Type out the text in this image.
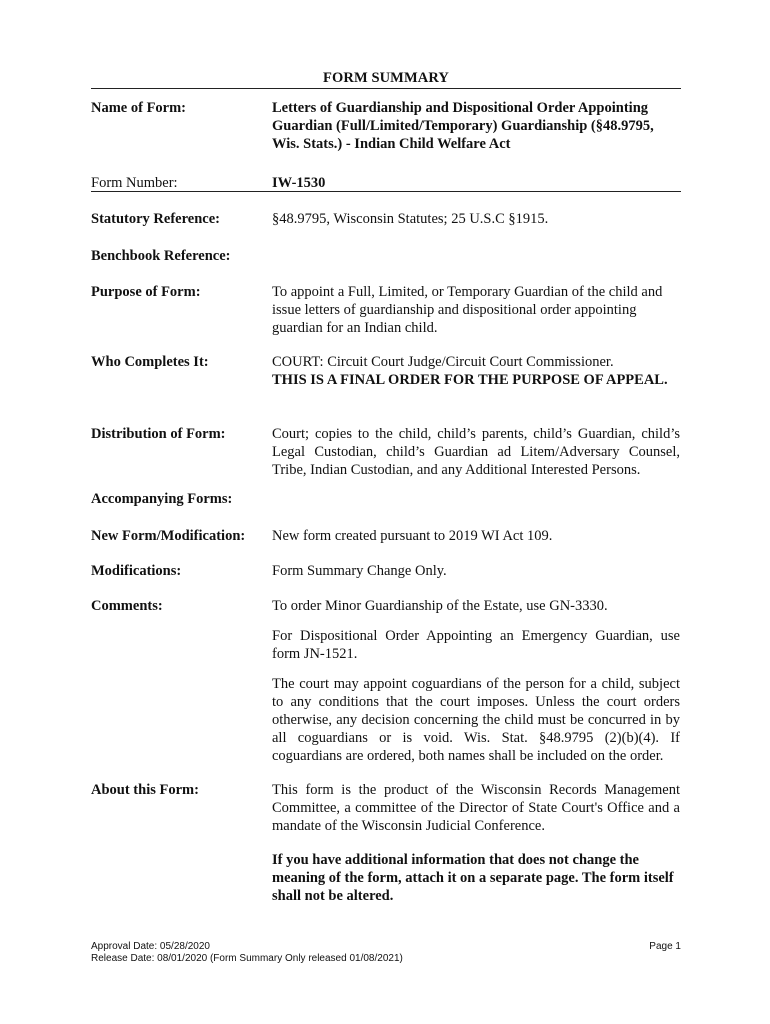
FORM SUMMARY
Name of Form:	Letters of Guardianship and Dispositional Order Appointing Guardian (Full/Limited/Temporary) Guardianship (§48.9795, Wis. Stats.) - Indian Child Welfare Act
Form Number:	IW-1530
Statutory Reference:	§48.9795, Wisconsin Statutes; 25 U.S.C §1915.
Benchbook Reference:
Purpose of Form:	To appoint a Full, Limited, or Temporary Guardian of the child and issue letters of guardianship and dispositional order appointing guardian for an Indian child.
Who Completes It:	COURT: Circuit Court Judge/Circuit Court Commissioner.
THIS IS A FINAL ORDER FOR THE PURPOSE OF APPEAL.
Distribution of Form:	Court; copies to the child, child’s parents, child’s Guardian, child’s Legal Custodian, child’s Guardian ad Litem/Adversary Counsel, Tribe, Indian Custodian, and any Additional Interested Persons.
Accompanying Forms:
New Form/Modification:	New form created pursuant to 2019 WI Act 109.
Modifications:	Form Summary Change Only.
Comments:	To order Minor Guardianship of the Estate, use GN-3330.

For Dispositional Order Appointing an Emergency Guardian, use form JN-1521.

The court may appoint coguardians of the person for a child, subject to any conditions that the court imposes. Unless the court orders otherwise, any decision concerning the child must be concurred in by all coguardians or is void. Wis. Stat. §48.9795 (2)(b)(4). If coguardians are ordered, both names shall be included on the order.

About this Form:	This form is the product of the Wisconsin Records Management Committee, a committee of the Director of State Court's Office and a mandate of the Wisconsin Judicial Conference.

If you have additional information that does not change the meaning of the form, attach it on a separate page. The form itself shall not be altered.

Approval Date: 05/28/2020
Release Date: 08/01/2020 (Form Summary Only released 01/08/2021)
Page 1
